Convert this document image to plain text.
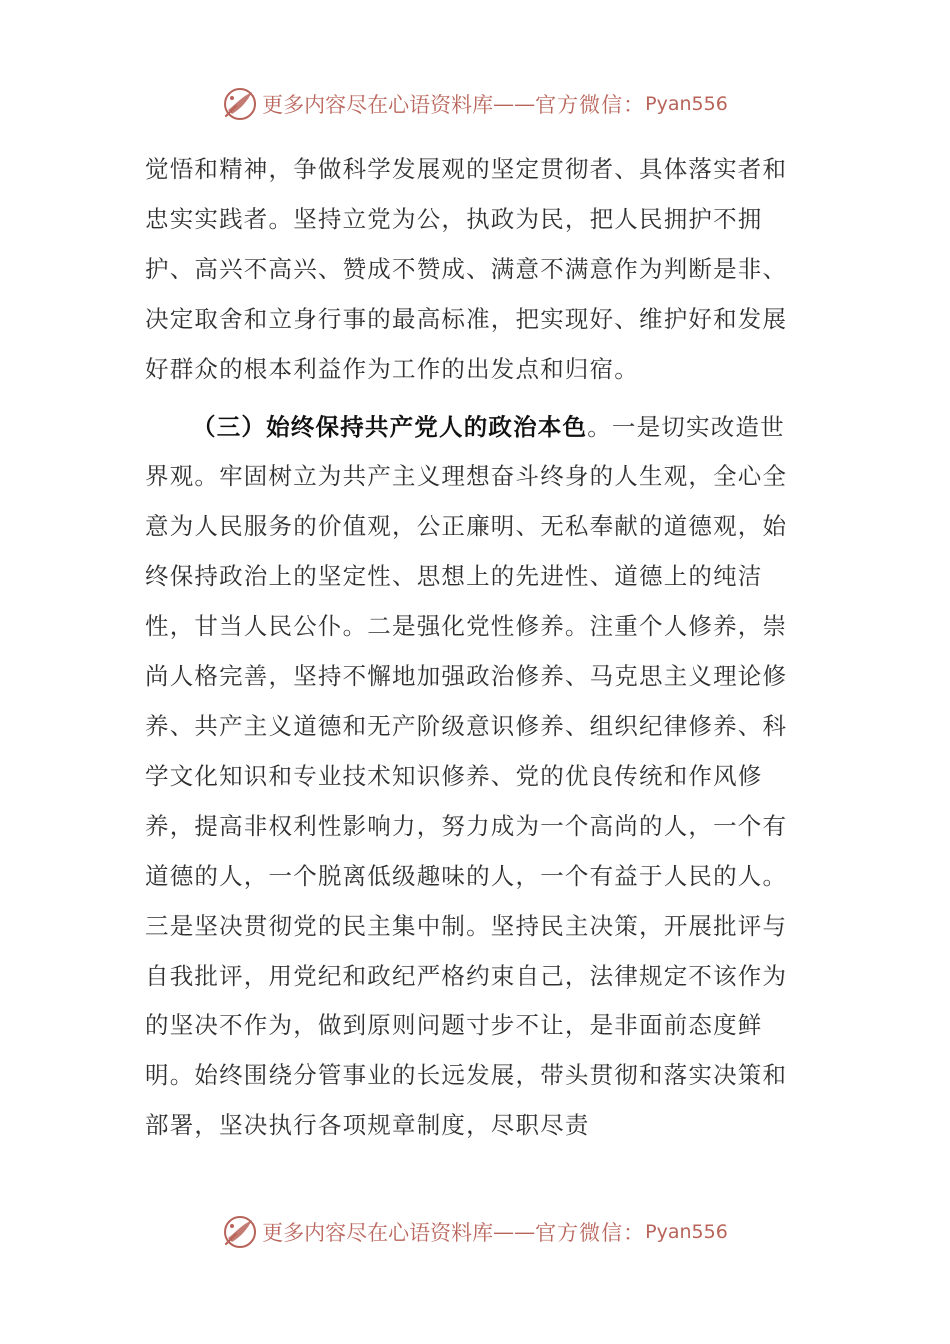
更多内容尽在心语资料库 —— 官方微信： Pyan556

觉悟和精神，争做科学发展观的坚定贯彻者、具体落实者和忠实实践者。坚持立党为公，执政为民，把人民拥护不拥护、高兴不高兴、赞成不赞成、满意不满意作为判断是非、决定取舍和立身行事的最高标准，把实现好、维护好和发展好群众的根本利益作为工作的出发点和归宿。

（三）始终保持共产党人的政治本色。一是切实改造世界观。牢固树立为共产主义理想奋斗终身的人生观，全心全意为人民服务的价值观，公正廉明、无私奉献的道德观，始终保持政治上的坚定性、思想上的先进性、道德上的纯洁性，甘当人民公仆。二是强化党性修养。注重个人修养，崇尚人格完善，坚持不懈地加强政治修养、马克思主义理论修养、共产主义道德和无产阶级意识修养、组织纪律修养、科学文化知识和专业技术知识修养、党的优良传统和作风修养，提高非权利性影响力，努力成为一个高尚的人，一个有道德的人，一个脱离低级趣味的人，一个有益于人民的人。三是坚决贯彻党的民主集中制。坚持民主决策，开展批评与自我批评，用党纪和政纪严格约束自己，法律规定不该作为的坚决不作为，做到原则问题寸步不让，是非面前态度鲜明。始终围绕分管事业的长远发展，带头贯彻和落实决策和部署，坚决执行各项规章制度，尽职尽责

更多内容尽在心语资料库 —— 官方微信： Pyan556
